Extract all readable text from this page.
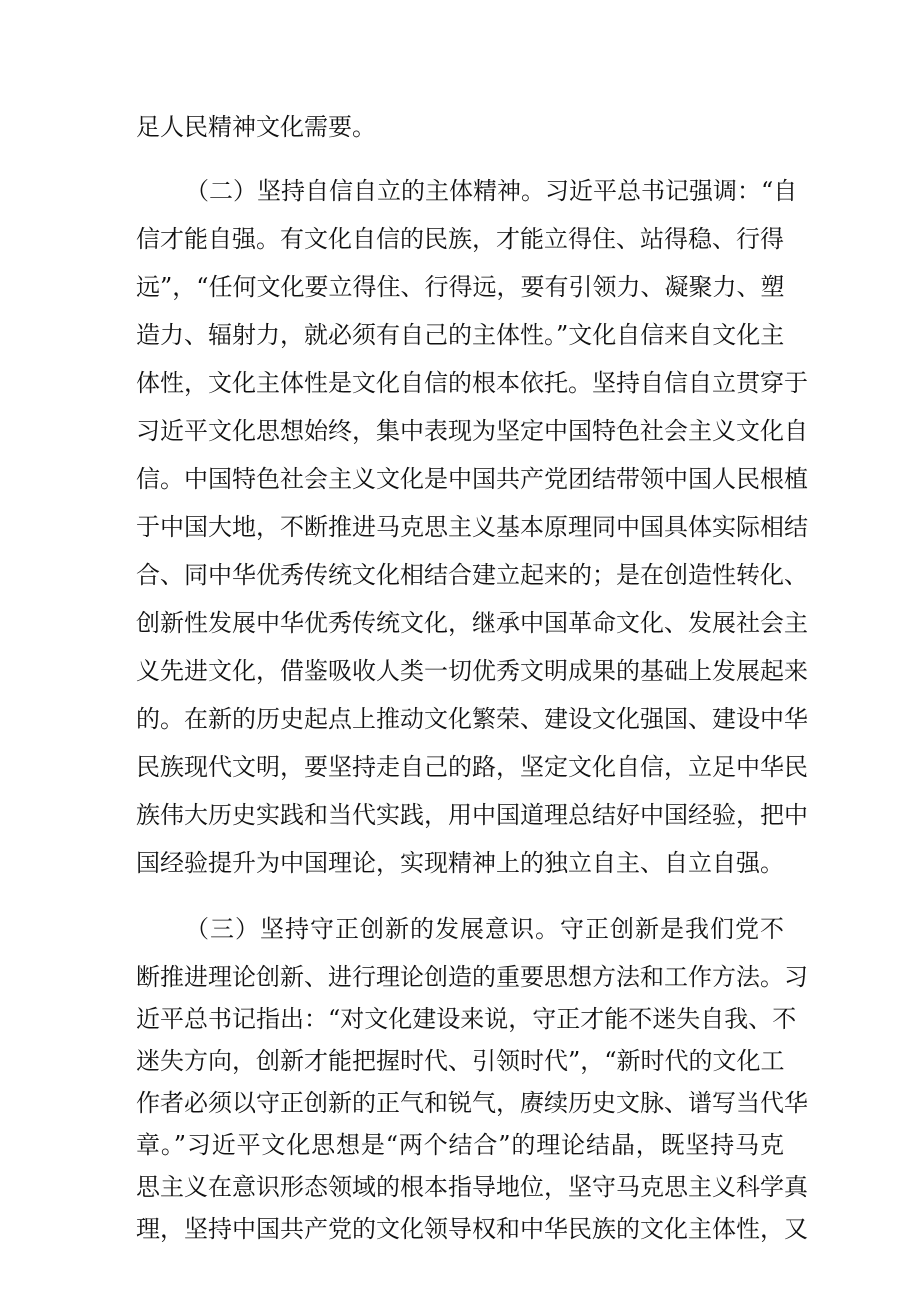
足人民精神文化需要。

（二）坚持自信自立的主体精神。习近平总书记强调：“自

信才能自强。有文化自信的民族，才能立得住、站得稳、行得

远”，“任何文化要立得住、行得远，要有引领力、凝聚力、塑

造力、辐射力，就必须有自己的主体性。”文化自信来自文化主

体性，文化主体性是文化自信的根本依托。坚持自信自立贯穿于

习近平文化思想始终，集中表现为坚定中国特色社会主义文化自

信。中国特色社会主义文化是中国共产党团结带领中国人民根植

于中国大地，不断推进马克思主义基本原理同中国具体实际相结

合、同中华优秀传统文化相结合建立起来的；是在创造性转化、

创新性发展中华优秀传统文化，继承中国革命文化、发展社会主

义先进文化，借鉴吸收人类一切优秀文明成果的基础上发展起来

的。在新的历史起点上推动文化繁荣、建设文化强国、建设中华

民族现代文明，要坚持走自己的路，坚定文化自信，立足中华民

族伟大历史实践和当代实践，用中国道理总结好中国经验，把中

国经验提升为中国理论，实现精神上的独立自主、自立自强。

（三）坚持守正创新的发展意识。守正创新是我们党不

断推进理论创新、进行理论创造的重要思想方法和工作方法。习

近平总书记指出：“对文化建设来说，守正才能不迷失自我、不

迷失方向，创新才能把握时代、引领时代”，“新时代的文化工

作者必须以守正创新的正气和锐气，赓续历史文脉、谱写当代华

章。”习近平文化思想是“两个结合”的理论结晶，既坚持马克

思主义在意识形态领域的根本指导地位，坚守马克思主义科学真

理，坚持中国共产党的文化领导权和中华民族的文化主体性，又
